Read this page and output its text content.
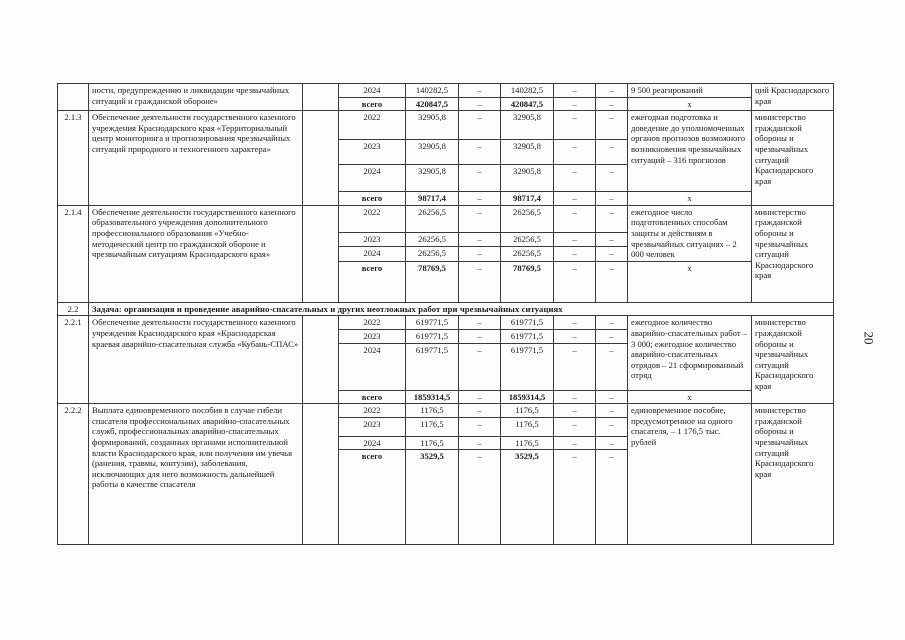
	ности, предупреждению и ликвидации чрезвычайных ситуаций и гражданской обороне»		2024	140282,5	–	140282,5	–	–	9 500 реагирований	ций Краснодарского края
			всего	420847,5	–	420847,5	–	–	х	
2.1.3	Обеспечение деятельности государственного казенного учреждения Краснодарского края «Территориальный центр мониторинга и прогнозирования чрезвычайных ситуаций природного и техногенного характера»		2022	32905,8	–	32905,8	–	–	ежегодная подготовка и доведение до уполномоченных органов прогнозов возможного возникновения чрезвычайных ситуаций – 316 прогнозов	министерство гражданской обороны и чрезвычайных ситуаций Краснодарского края
			2023	32905,8	–	32905,8	–	–		
			2024	32905,8	–	32905,8	–	–		
			всего	98717,4	–	98717,4	–	–	х	
2.1.4	Обеспечение деятельности государственного казенного образовательного учреждения дополнительного профессионального образования «Учебно-методический центр по гражданской обороне и чрезвычайным ситуациям Краснодарского края»		2022	26256,5	–	26256,5	–	–	ежегодное число подготовленных способам защиты и действиям в чрезвычайных ситуациях – 2 000 человек	министерство гражданской обороны и чрезвычайных ситуаций Краснодарского края
			2023	26256,5	–	26256,5	–	–		
			2024	26256,5	–	26256,5	–	–		
			всего	78769,5	–	78769,5	–	–	х	
2.2	Задача: организация и проведение аварийно-спасательных и других неотложных работ при чрезвычайных ситуациях									
2.2.1	Обеспечение деятельности государственного казенного учреждения Краснодарского края «Краснодарская краевая аварийно-спасательная служба «Кубань-СПАС»		2022	619771,5	–	619771,5	–	–	ежегодное количество аварийно-спасательных работ – 3 000; ежегодное количество аварийно-спасательных отрядов – 21 сформированный отряд	министерство гражданской обороны и чрезвычайных ситуаций Краснодарского края
			2023	619771,5	–	619771,5	–	–		
			2024	619771,5	–	619771,5	–	–		
			всего	1859314,5	–	1859314,5	–	–	х	
2.2.2	Выплата единовременного пособия в случае гибели спасателя профессиональных аварийно-спасательных служб, профессиональных аварийно-спасательных формирований, созданных органами исполнительной власти Краснодарского края, или получения им увечья (ранения, травмы, контузии), заболевания, исключающих для него возможность дальнейшей работы в качестве спасателя		2022	1176,5	–	1176,5	–	–	единовременное пособие, предусмотренное на одного спасателя, – 1 176,5 тыс. рублей	министерство гражданской обороны и чрезвычайных ситуаций Краснодарского края
			2023	1176,5	–	1176,5	–	–		
			2024	1176,5	–	1176,5	–	–		
			всего	3529,5	–	3529,5	–	–		
20
